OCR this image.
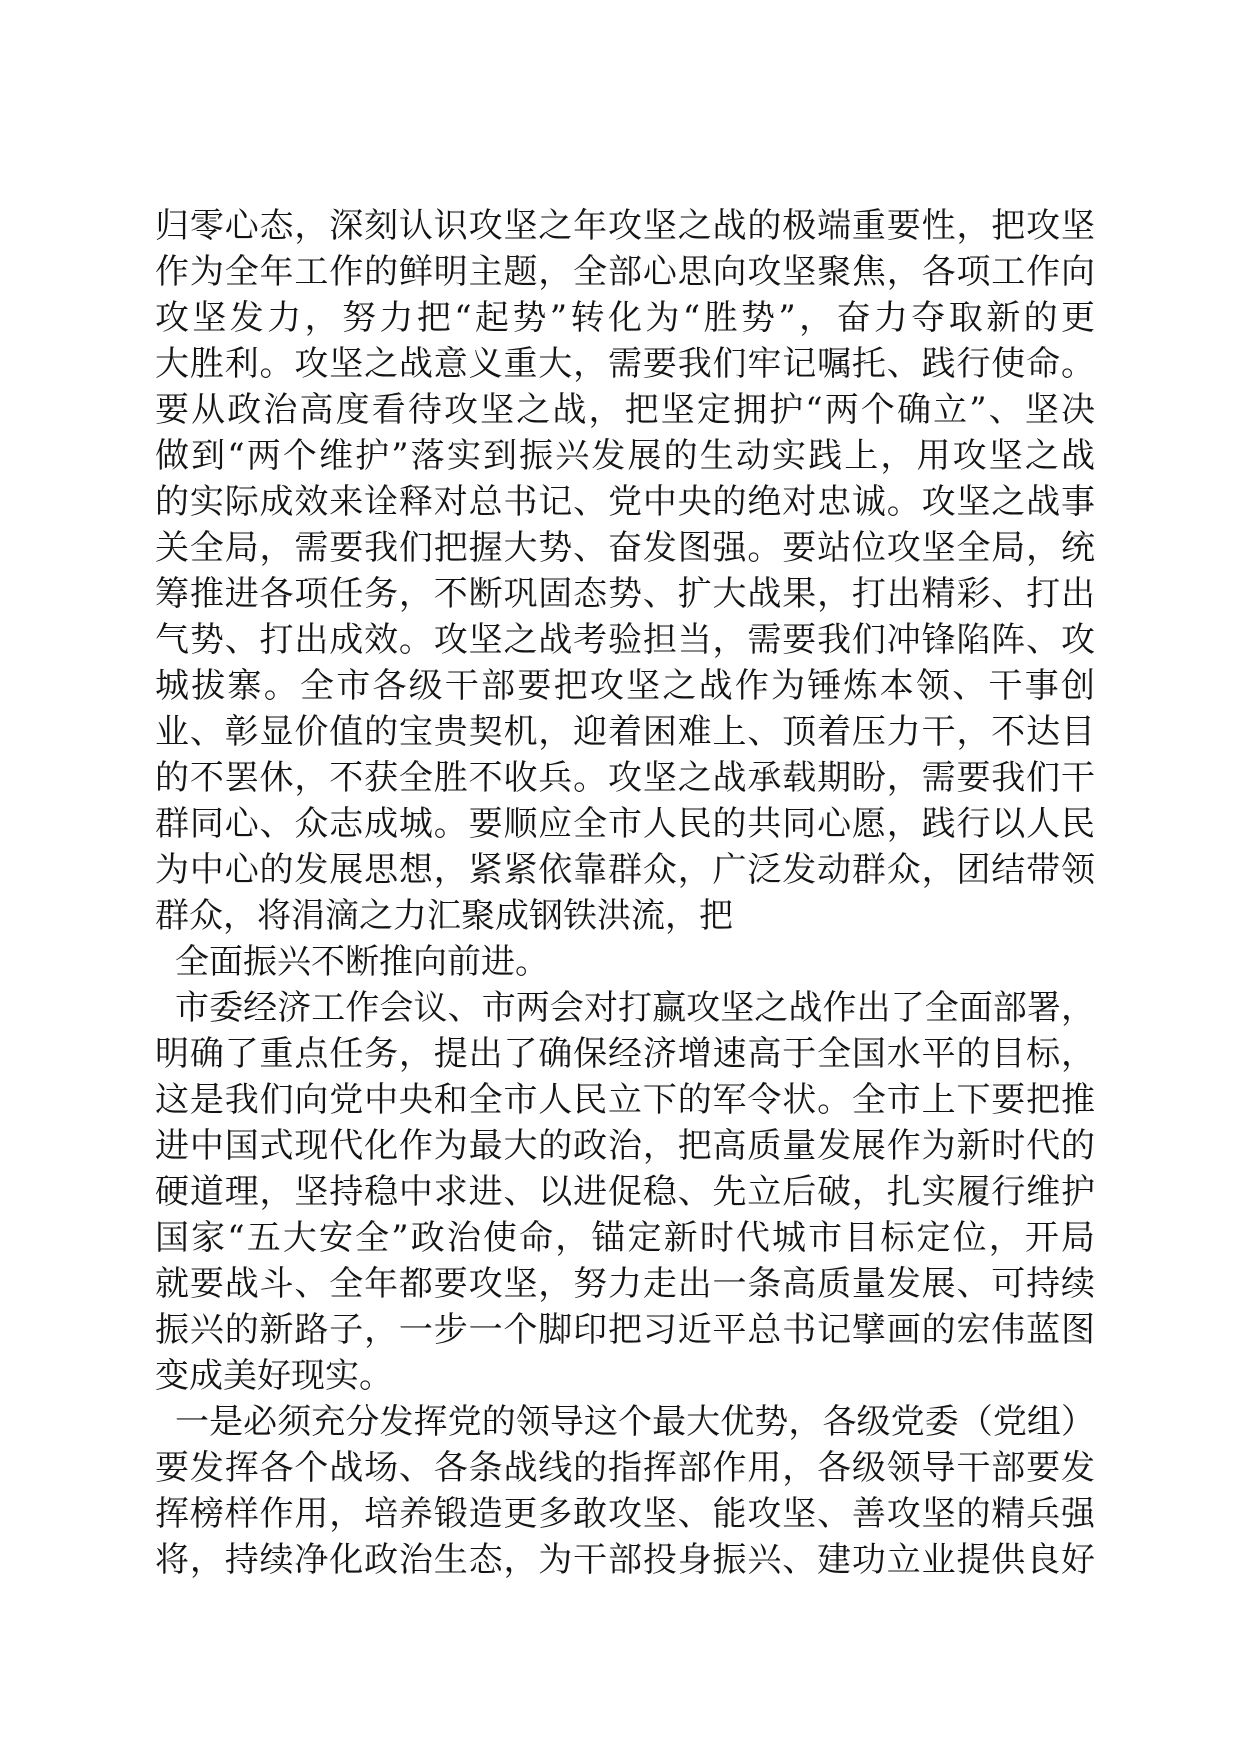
归零心态，深刻认识攻坚之年攻坚之战的极端重要性，把攻坚
作为全年工作的鲜明主题，全部心思向攻坚聚焦，各项工作向
攻坚发力，努力把“起势”转化为“胜势”，奋力夺取新的更
大胜利。攻坚之战意义重大，需要我们牢记嘱托、践行使命。
要从政治高度看待攻坚之战，把坚定拥护“两个确立”、坚决
做到“两个维护”落实到振兴发展的生动实践上，用攻坚之战
的实际成效来诠释对总书记、党中央的绝对忠诚。攻坚之战事
关全局，需要我们把握大势、奋发图强。要站位攻坚全局，统
筹推进各项任务，不断巩固态势、扩大战果，打出精彩、打出
气势、打出成效。攻坚之战考验担当，需要我们冲锋陷阵、攻
城拔寨。全市各级干部要把攻坚之战作为锤炼本领、干事创
业、彰显价值的宝贵契机，迎着困难上、顶着压力干，不达目
的不罢休，不获全胜不收兵。攻坚之战承载期盼，需要我们干
群同心、众志成城。要顺应全市人民的共同心愿，践行以人民
为中心的发展思想，紧紧依靠群众，广泛发动群众，团结带领
群众，将涓滴之力汇聚成钢铁洪流，把
全面振兴不断推向前进。
市委经济工作会议、市两会对打赢攻坚之战作出了全面部署，
明确了重点任务，提出了确保经济增速高于全国水平的目标，
这是我们向党中央和全市人民立下的军令状。全市上下要把推
进中国式现代化作为最大的政治，把高质量发展作为新时代的
硬道理，坚持稳中求进、以进促稳、先立后破，扎实履行维护
国家“五大安全”政治使命，锚定新时代城市目标定位，开局
就要战斗、全年都要攻坚，努力走出一条高质量发展、可持续
振兴的新路子，一步一个脚印把习近平总书记擘画的宏伟蓝图
变成美好现实。
一是必须充分发挥党的领导这个最大优势，各级党委（党组）
要发挥各个战场、各条战线的指挥部作用，各级领导干部要发
挥榜样作用，培养锻造更多敢攻坚、能攻坚、善攻坚的精兵强
将，持续净化政治生态，为干部投身振兴、建功立业提供良好
